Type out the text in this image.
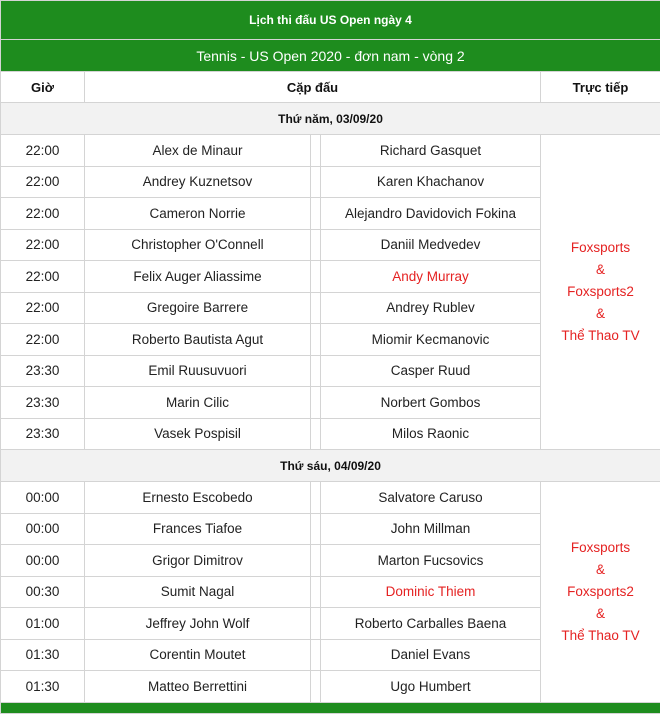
Lịch thi đấu US Open ngày 4				
Tennis - US Open 2020 - đơn nam - vòng 2				
Giờ	Cặp đấu			Trực tiếp
Thứ năm, 03/09/20				
22:00	Alex de Minaur		Richard Gasquet	Foxsports
&
Foxsports2
&
Thể Thao TV

22:00	Andrey Kuznetsov		Karen Khachanov	
22:00	Cameron Norrie		Alejandro Davidovich Fokina	
22:00	Christopher O'Connell		Daniil Medvedev	
22:00	Felix Auger Aliassime		Andy Murray	
22:00	Gregoire Barrere		Andrey Rublev	
22:00	Roberto Bautista Agut		Miomir Kecmanovic	
23:30	Emil Ruusuvuori		Casper Ruud	
23:30	Marin Cilic		Norbert Gombos	
23:30	Vasek Pospisil		Milos Raonic	
Thứ sáu, 04/09/20				
00:00	Ernesto Escobedo		Salvatore Caruso	Foxsports
&
Foxsports2
&
Thể Thao TV

00:00	Frances Tiafoe		John Millman	
00:00	Grigor Dimitrov		Marton Fucsovics	
00:30	Sumit Nagal		Dominic Thiem	
01:00	Jeffrey John Wolf		Roberto Carballes Baena	
01:30	Corentin Moutet		Daniel Evans	
01:30	Matteo Berrettini		Ugo Humbert	
